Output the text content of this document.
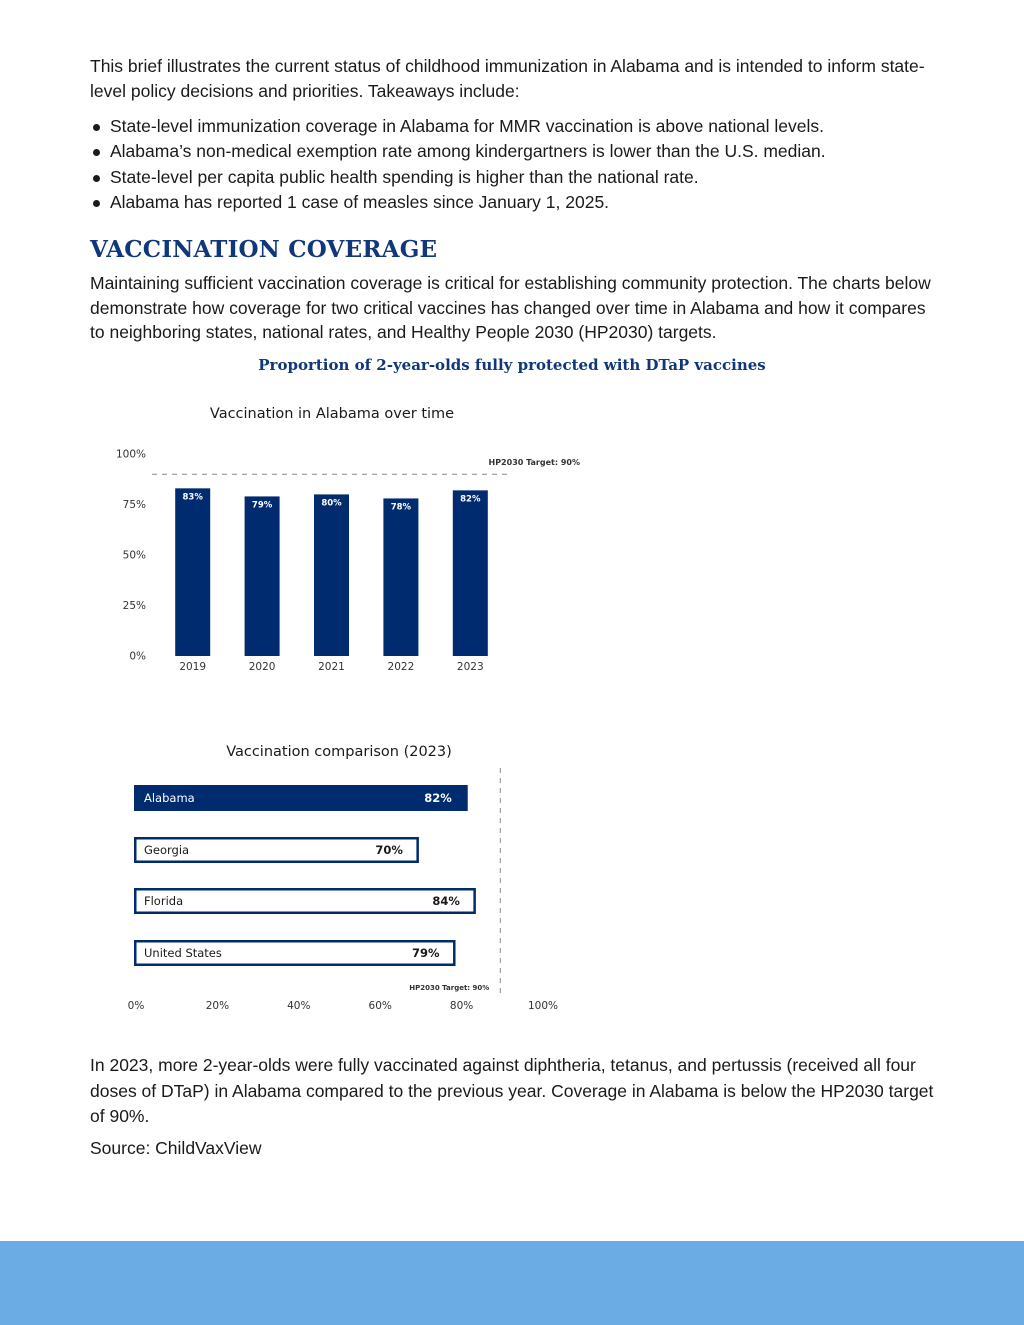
This brief illustrates the current status of childhood immunization in Alabama and is intended to inform state-level policy decisions and priorities. Takeaways include:

State-level immunization coverage in Alabama for MMR vaccination is above national levels.
Alabama’s non-medical exemption rate among kindergartners is lower than the U.S. median.
State-level per capita public health spending is higher than the national rate.
Alabama has reported 1 case of measles since January 1, 2025.
VACCINATION COVERAGE

Maintaining sufficient vaccination coverage is critical for establishing community protection. The charts below demonstrate how coverage for two critical vaccines has changed over time in Alabama and how it compares to neighboring states, national rates, and Healthy People 2030 (HP2030) targets.

Proportion of 2-year-olds fully protected with DTaP vaccines

Vaccination in Alabama over time
0%
25%
50%
75%
100%
HP2030 Target: 90%
83%
2019
79%
2020
80%
2021
78%
2022
82%
2023
Vaccination comparison (2023)
HP2030 Target: 90%
Alabama	82%
Georgia	70%
Florida	84%
United States	79%
0%	20%	40%	60%	80%	100%

In 2023, more 2-year-olds were fully vaccinated against diphtheria, tetanus, and pertussis (received all four doses of DTaP) in Alabama compared to the previous year. Coverage in Alabama is below the HP2030 target of 90%.

Source: ChildVaxView
